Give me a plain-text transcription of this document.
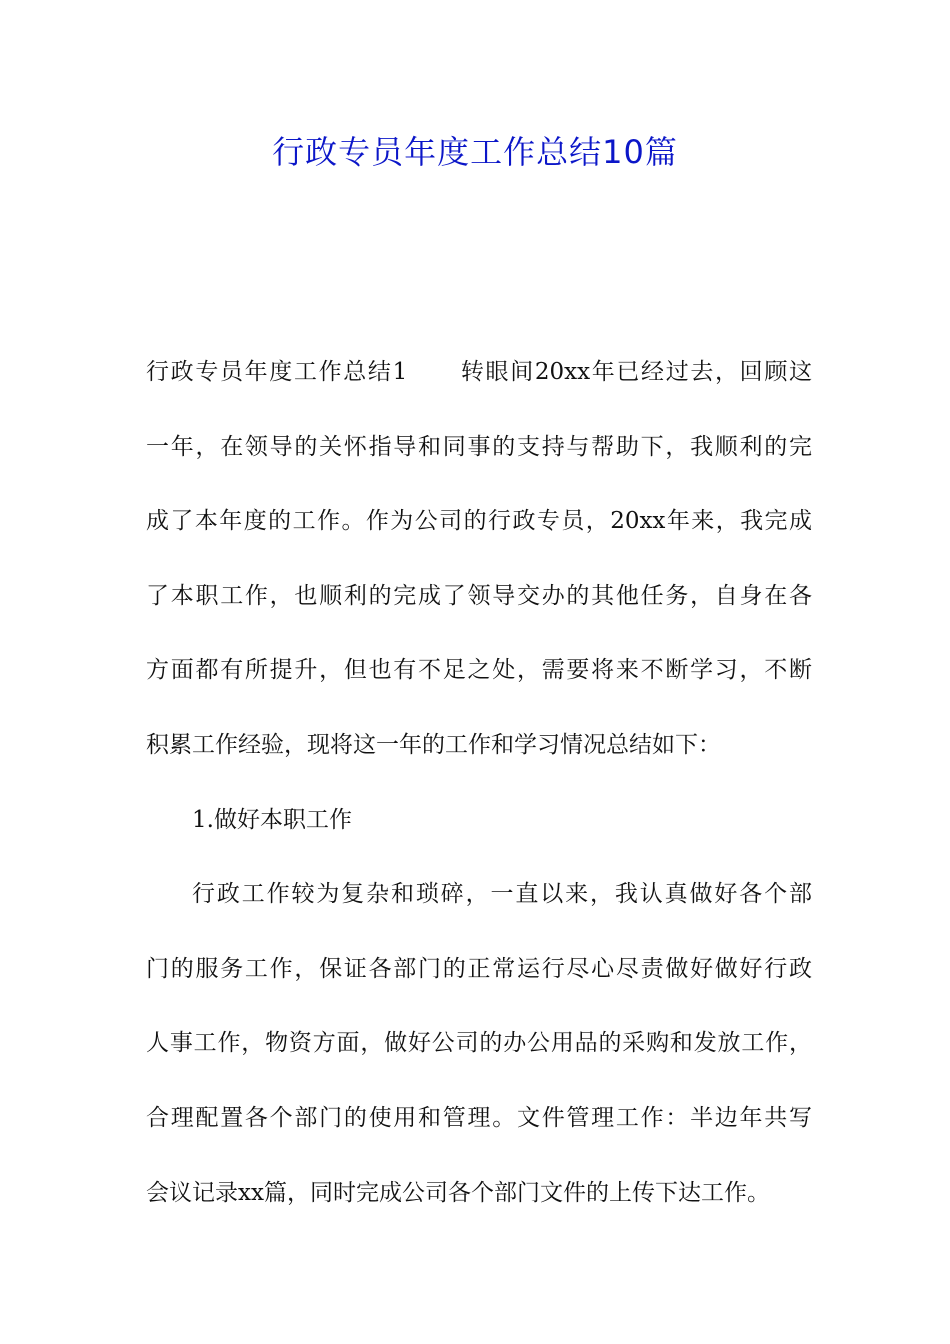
行政专员年度工作总结10篇
行政专员年度工作总结1 转眼间20xx年已经过去，回顾这
一年，在领导的关怀指导和同事的支持与帮助下，我顺利的完
成了本年度的工作。作为公司的行政专员，20xx年来，我完成
了本职工作，也顺利的完成了领导交办的其他任务，自身在各
方面都有所提升，但也有不足之处，需要将来不断学习，不断
积累工作经验，现将这一年的工作和学习情况总结如下：
1.做好本职工作
行政工作较为复杂和琐碎，一直以来，我认真做好各个部
门的服务工作，保证各部门的正常运行尽心尽责做好做好行政
人事工作，物资方面，做好公司的办公用品的采购和发放工作，
合理配置各个部门的使用和管理。文件管理工作：半边年共写
会议记录xx篇，同时完成公司各个部门文件的上传下达工作。
